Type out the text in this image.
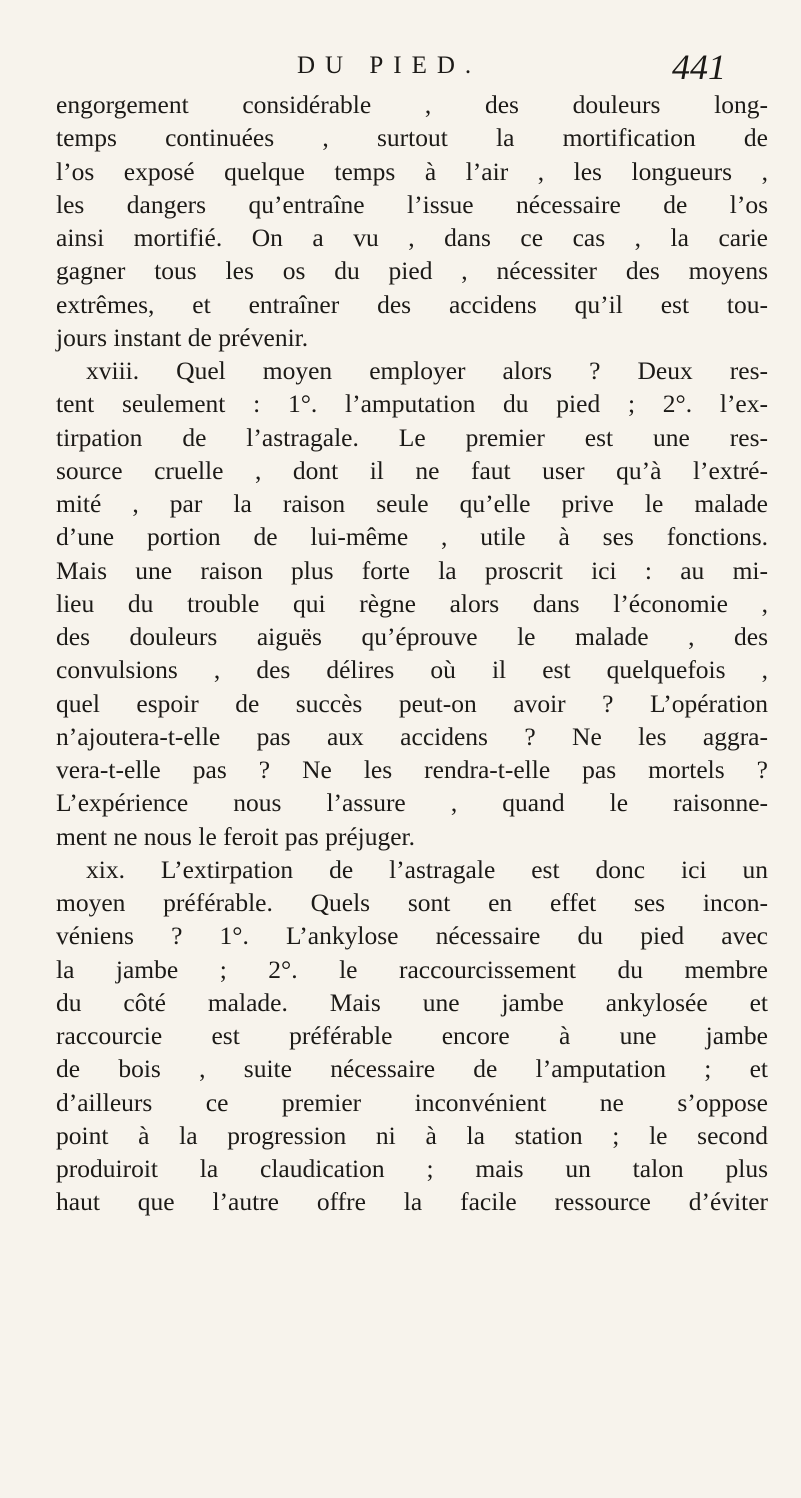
DU PIED.	441
engorgement considérable , des douleurs long-
temps continuées , surtout la mortification de
l’os exposé quelque temps à l’air , les longueurs ,
les dangers qu’entraîne l’issue nécessaire de l’os
ainsi mortifié. On a vu , dans ce cas , la carie
gagner tous les os du pied , nécessiter des moyens
extrêmes, et entraîner des accidens qu’il est tou-
jours instant de prévenir.
xviii. Quel moyen employer alors ? Deux res-
tent seulement : 1°. l’amputation du pied ; 2°. l’ex-
tirpation de l’astragale. Le premier est une res-
source cruelle , dont il ne faut user qu’à l’extré-
mité , par la raison seule qu’elle prive le malade
d’une portion de lui-même , utile à ses fonctions.
Mais une raison plus forte la proscrit ici : au mi-
lieu du trouble qui règne alors dans l’économie ,
des douleurs aiguës qu’éprouve le malade , des
convulsions , des délires où il est quelquefois ,
quel espoir de succès peut-on avoir ? L’opération
n’ajoutera-t-elle pas aux accidens ? Ne les aggra-
vera-t-elle pas ? Ne les rendra-t-elle pas mortels ?
L’expérience nous l’assure , quand le raisonne-
ment ne nous le feroit pas préjuger.
xix. L’extirpation de l’astragale est donc ici un
moyen préférable. Quels sont en effet ses incon-
véniens ? 1°. L’ankylose nécessaire du pied avec
la jambe ; 2°. le raccourcissement du membre
du côté malade. Mais une jambe ankylosée et
raccourcie est préférable encore à une jambe
de bois , suite nécessaire de l’amputation ; et
d’ailleurs ce premier inconvénient ne s’oppose
point à la progression ni à la station ; le second
produiroit la claudication ; mais un talon plus
haut que l’autre offre la facile ressource d’éviter
